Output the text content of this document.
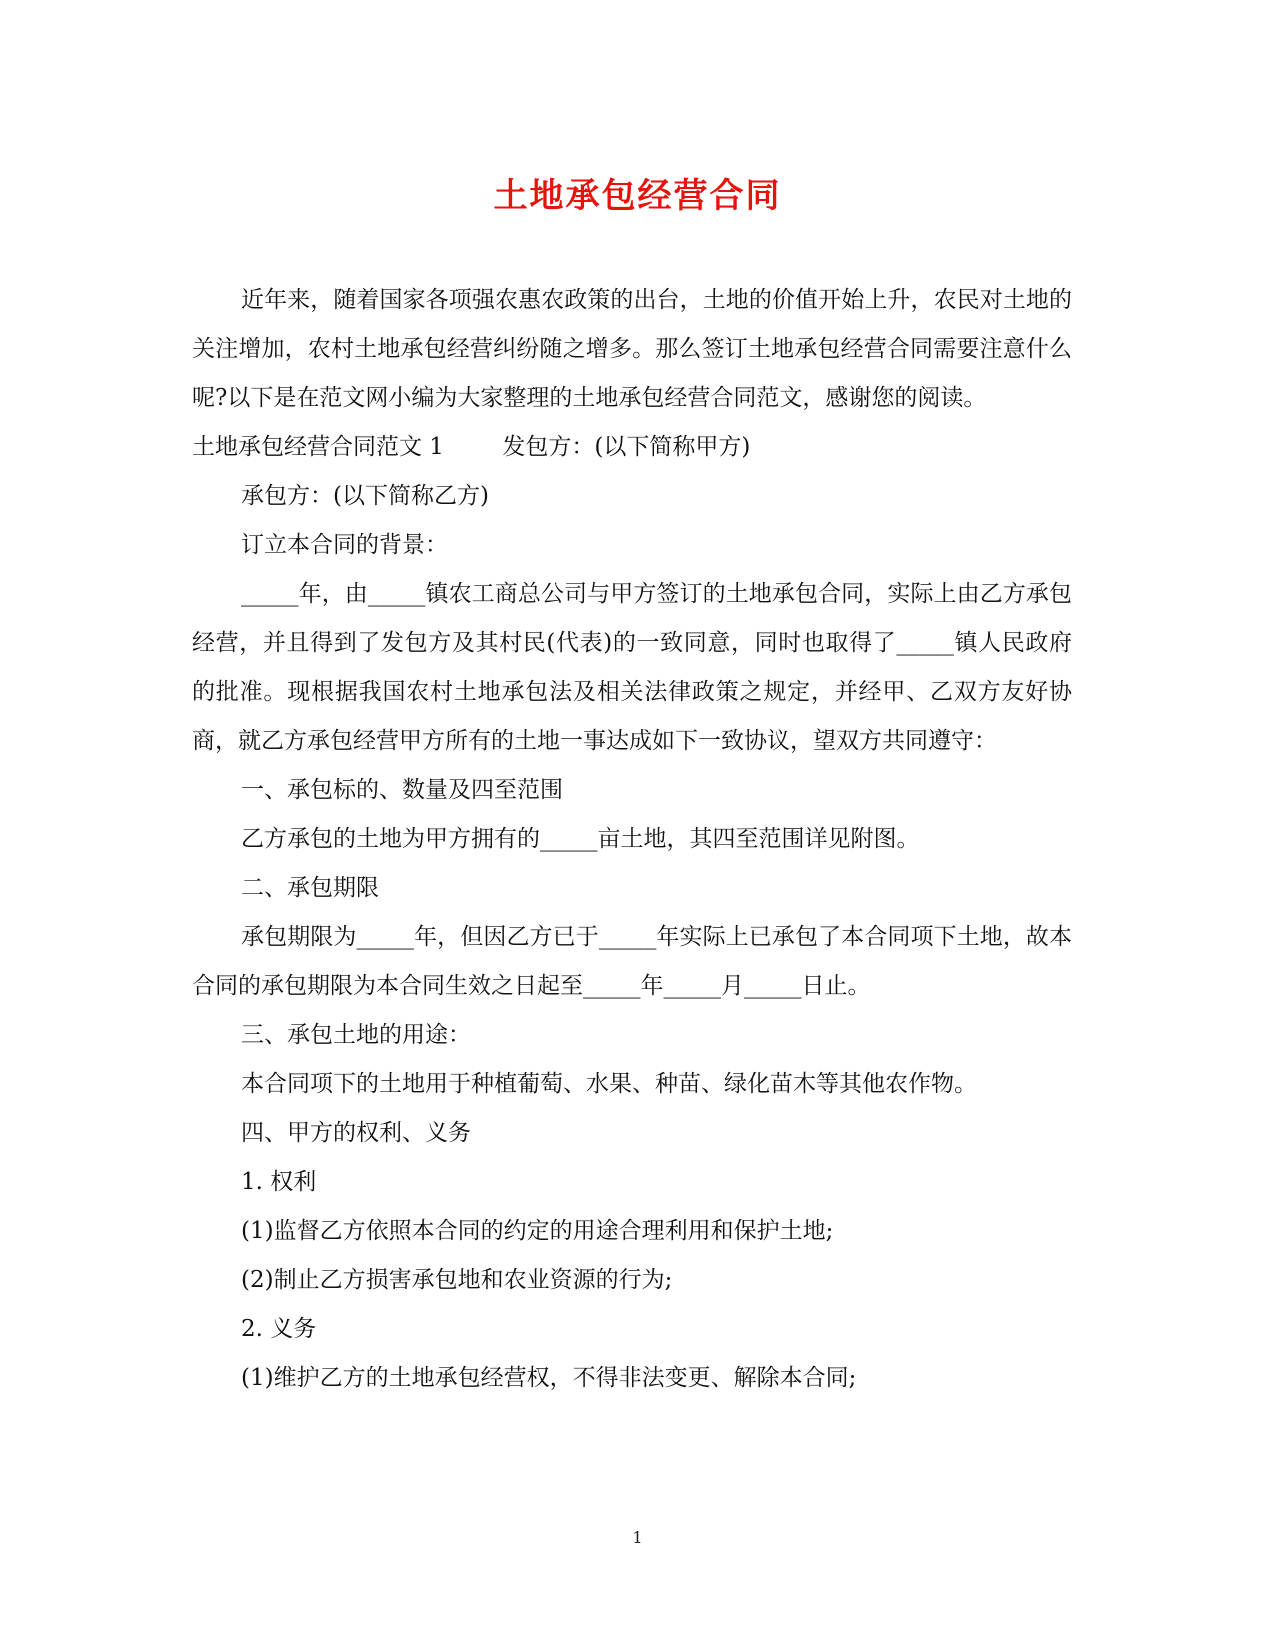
土地承包经营合同

近年来，随着国家各项强农惠农政策的出台，土地的价值开始上升，农民对土地的关注增加，农村土地承包经营纠纷随之增多。那么签订土地承包经营合同需要注意什么呢?以下是在范文网小编为大家整理的土地承包经营合同范文，感谢您的阅读。

土地承包经营合同范文 1        发包方：(以下简称甲方)

承包方：(以下简称乙方)

订立本合同的背景：

_____年，由_____镇农工商总公司与甲方签订的土地承包合同，实际上由乙方承包经营，并且得到了发包方及其村民(代表)的一致同意，同时也取得了_____镇人民政府的批准。现根据我国农村土地承包法及相关法律政策之规定，并经甲、乙双方友好协商，就乙方承包经营甲方所有的土地一事达成如下一致协议，望双方共同遵守：

一、承包标的、数量及四至范围

乙方承包的土地为甲方拥有的_____亩土地，其四至范围详见附图。

二、承包期限

承包期限为_____年，但因乙方已于_____年实际上已承包了本合同项下土地，故本合同的承包期限为本合同生效之日起至_____年_____月_____日止。

三、承包土地的用途：

本合同项下的土地用于种植葡萄、水果、种苗、绿化苗木等其他农作物。

四、甲方的权利、义务

1. 权利

(1)监督乙方依照本合同的约定的用途合理利用和保护土地;

(2)制止乙方损害承包地和农业资源的行为;

2. 义务

(1)维护乙方的土地承包经营权，不得非法变更、解除本合同;

1
